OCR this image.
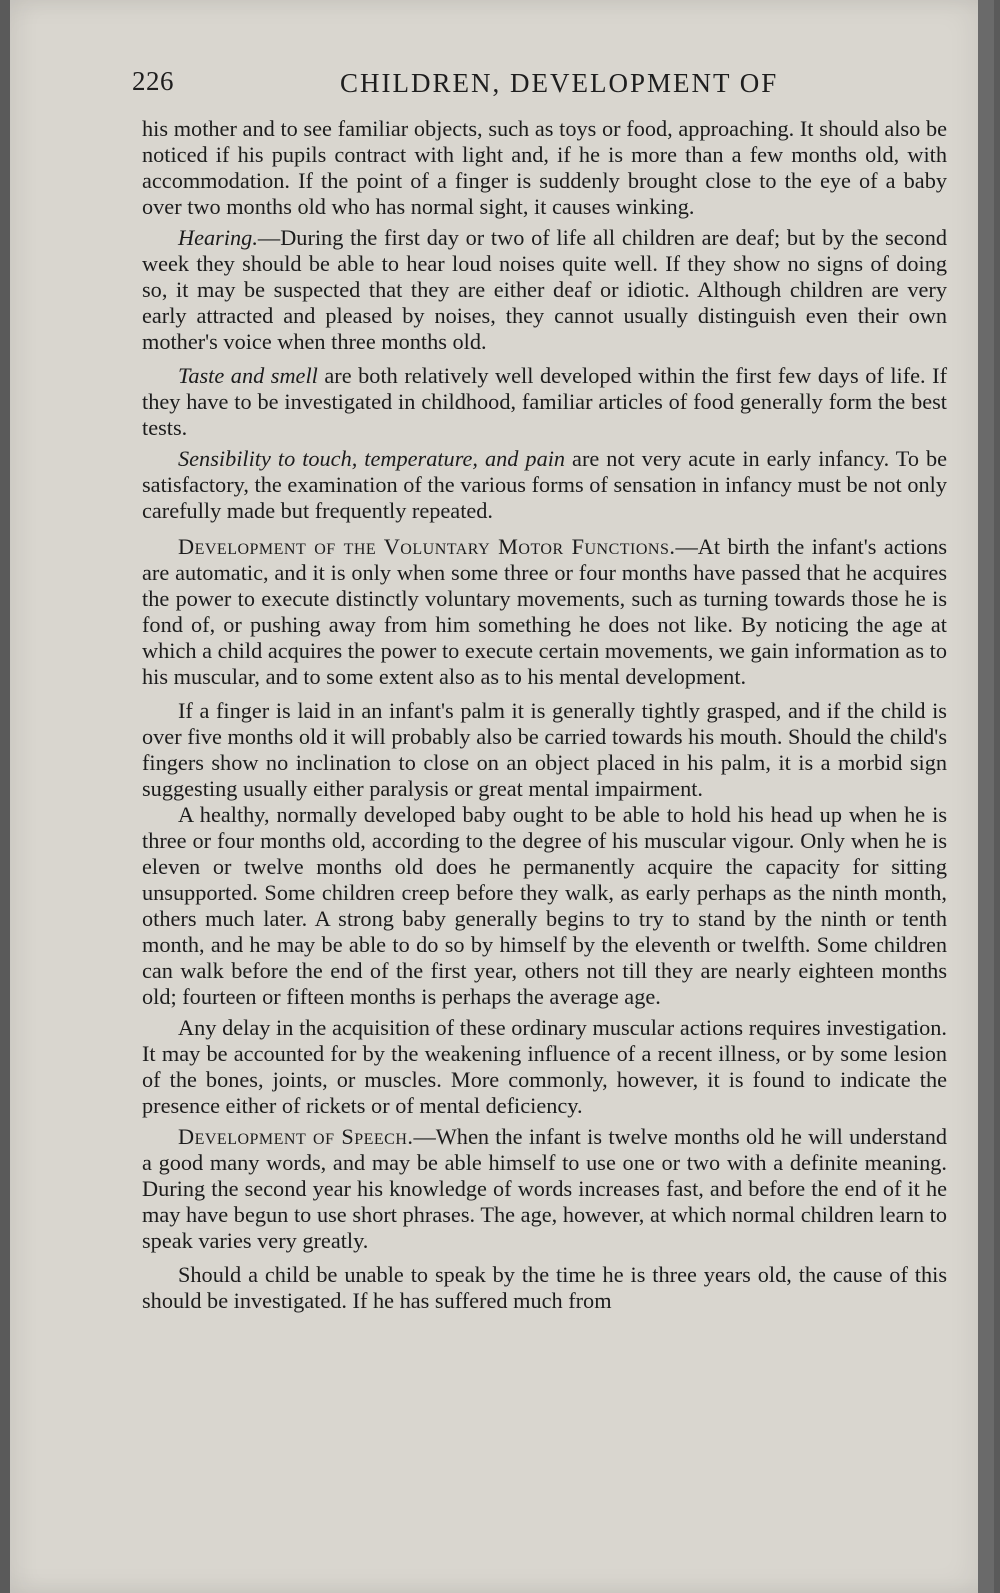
226	CHILDREN, DEVELOPMENT OF

his mother and to see familiar objects, such as toys or food, approaching. It should also be noticed if his pupils contract with light and, if he is more than a few months old, with accommodation. If the point of a finger is suddenly brought close to the eye of a baby over two months old who has normal sight, it causes winking.

Hearing.—During the first day or two of life all children are deaf; but by the second week they should be able to hear loud noises quite well. If they show no signs of doing so, it may be suspected that they are either deaf or idiotic. Although children are very early attracted and pleased by noises, they cannot usually distinguish even their own mother's voice when three months old.

Taste and smell are both relatively well developed within the first few days of life. If they have to be investigated in childhood, familiar articles of food generally form the best tests.

Sensibility to touch, temperature, and pain are not very acute in early infancy. To be satisfactory, the examination of the various forms of sensation in infancy must be not only carefully made but frequently repeated.

Development of the Voluntary Motor Functions.—At birth the infant's actions are automatic, and it is only when some three or four months have passed that he acquires the power to execute distinctly voluntary movements, such as turning towards those he is fond of, or pushing away from him something he does not like. By noticing the age at which a child acquires the power to execute certain movements, we gain information as to his muscular, and to some extent also as to his mental development.

If a finger is laid in an infant's palm it is generally tightly grasped, and if the child is over five months old it will probably also be carried towards his mouth. Should the child's fingers show no inclination to close on an object placed in his palm, it is a morbid sign suggesting usually either paralysis or great mental impairment.

A healthy, normally developed baby ought to be able to hold his head up when he is three or four months old, according to the degree of his muscular vigour. Only when he is eleven or twelve months old does he permanently acquire the capacity for sitting unsupported. Some children creep before they walk, as early perhaps as the ninth month, others much later. A strong baby generally begins to try to stand by the ninth or tenth month, and he may be able to do so by himself by the eleventh or twelfth. Some children can walk before the end of the first year, others not till they are nearly eighteen months old; fourteen or fifteen months is perhaps the average age.

Any delay in the acquisition of these ordinary muscular actions requires investigation. It may be accounted for by the weakening influence of a recent illness, or by some lesion of the bones, joints, or muscles. More commonly, however, it is found to indicate the presence either of rickets or of mental deficiency.

Development of Speech.—When the infant is twelve months old he will understand a good many words, and may be able himself to use one or two with a definite meaning. During the second year his knowledge of words increases fast, and before the end of it he may have begun to use short phrases. The age, however, at which normal children learn to speak varies very greatly.

Should a child be unable to speak by the time he is three years old, the cause of this should be investigated. If he has suffered much from
